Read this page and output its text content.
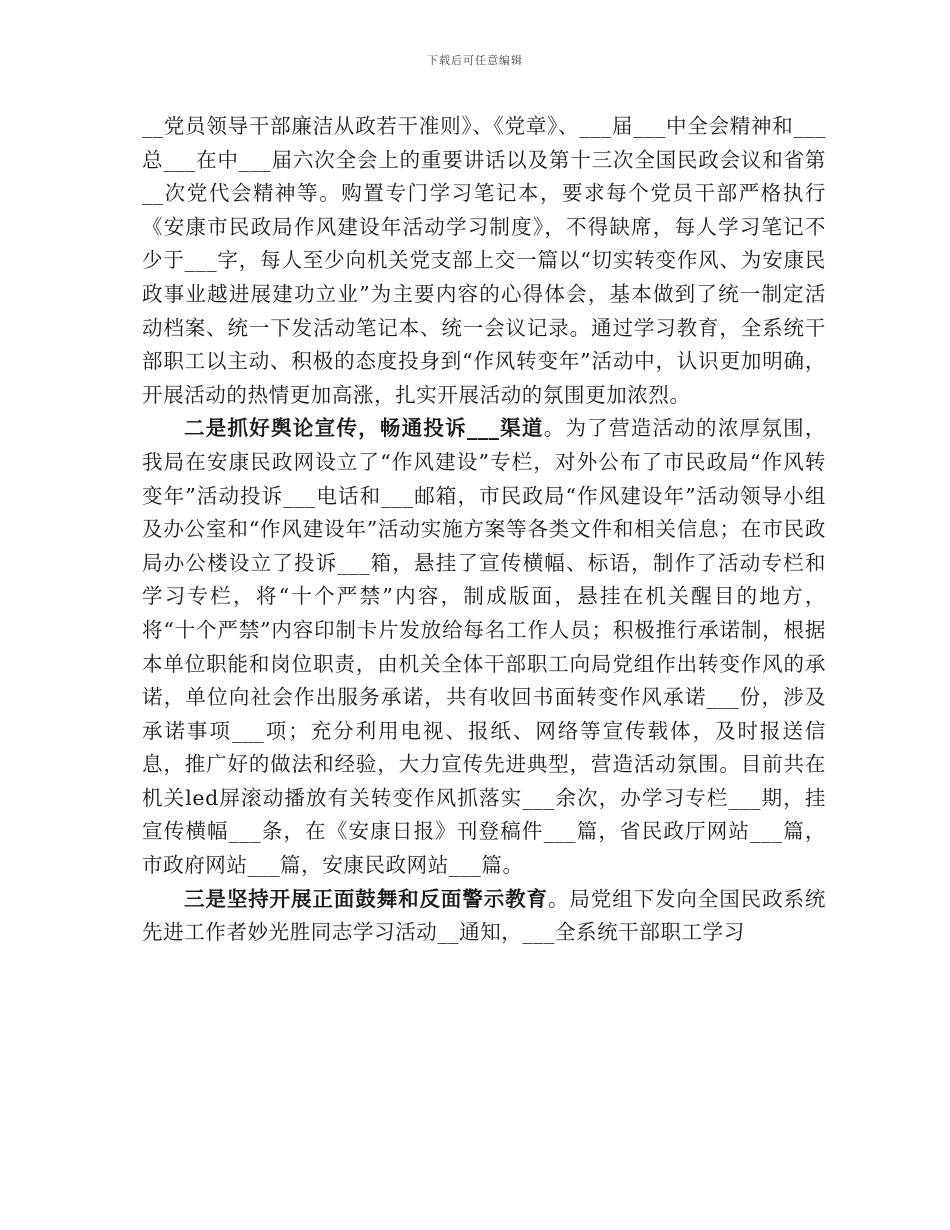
下载后可任意编辑

__党员领导干部廉洁从政若干准则》、《党章》、___届___中全会精神和___总___在中___届六次全会上的重要讲话以及第十三次全国民政会议和省第__次党代会精神等。购置专门学习笔记本，要求每个党员干部严格执行《安康市民政局作风建设年活动学习制度》，不得缺席，每人学习笔记不少于___字，每人至少向机关党支部上交一篇以“切实转变作风、为安康民政事业越进展建功立业”为主要内容的心得体会，基本做到了统一制定活动档案、统一下发活动笔记本、统一会议记录。通过学习教育，全系统干部职工以主动、积极的态度投身到“作风转变年”活动中，认识更加明确，开展活动的热情更加高涨，扎实开展活动的氛围更加浓烈。

二是抓好舆论宣传，畅通投诉___渠道。为了营造活动的浓厚氛围，我局在安康民政网设立了“作风建设”专栏，对外公布了市民政局“作风转变年”活动投诉___电话和___邮箱，市民政局“作风建设年”活动领导小组及办公室和“作风建设年”活动实施方案等各类文件和相关信息；在市民政局办公楼设立了投诉___箱，悬挂了宣传横幅、标语，制作了活动专栏和学习专栏，将“十个严禁”内容，制成版面，悬挂在机关醒目的地方，将“十个严禁”内容印制卡片发放给每名工作人员；积极推行承诺制，根据本单位职能和岗位职责，由机关全体干部职工向局党组作出转变作风的承诺，单位向社会作出服务承诺，共有收回书面转变作风承诺___份，涉及承诺事项___项；充分利用电视、报纸、网络等宣传载体，及时报送信息，推广好的做法和经验，大力宣传先进典型，营造活动氛围。目前共在机关led屏滚动播放有关转变作风抓落实___余次，办学习专栏___期，挂宣传横幅___条，在《安康日报》刊登稿件___篇，省民政厅网站___篇，市政府网站___篇，安康民政网站___篇。

三是坚持开展正面鼓舞和反面警示教育。局党组下发向全国民政系统先进工作者妙光胜同志学习活动__通知，___全系统干部职工学习
